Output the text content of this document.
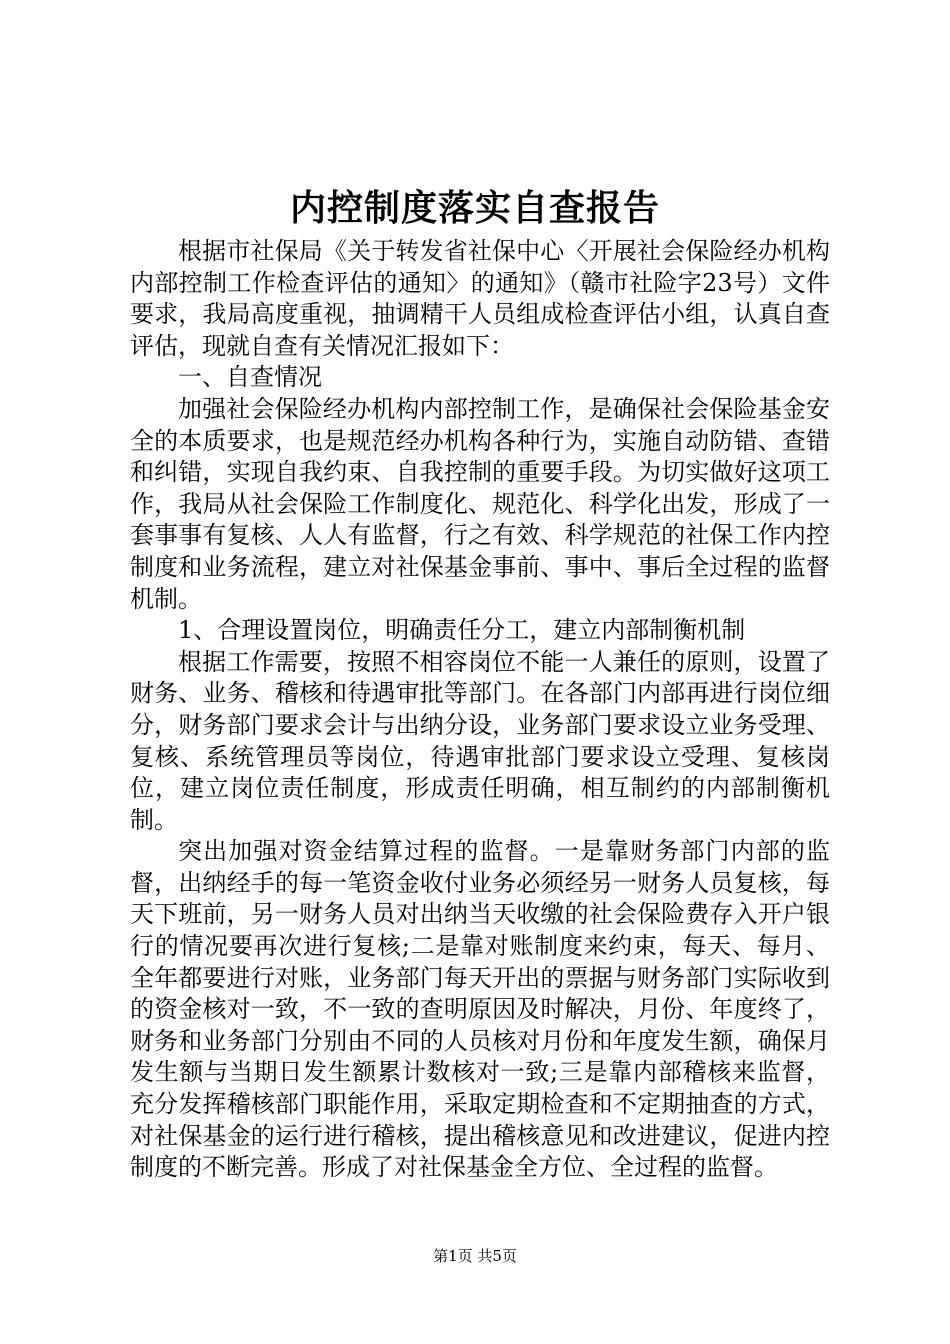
内控制度落实自查报告

根据市社保局《关于转发省社保中心〈开展社会保险经办机构内部控制工作检查评估的通知〉的通知》（赣市社险字23号）文件要求，我局高度重视，抽调精干人员组成检查评估小组，认真自查评估，现就自查有关情况汇报如下：

一、自查情况

加强社会保险经办机构内部控制工作，是确保社会保险基金安全的本质要求，也是规范经办机构各种行为，实施自动防错、查错和纠错，实现自我约束、自我控制的重要手段。为切实做好这项工作，我局从社会保险工作制度化、规范化、科学化出发，形成了一套事事有复核、人人有监督，行之有效、科学规范的社保工作内控制度和业务流程，建立对社保基金事前、事中、事后全过程的监督机制。

1、合理设置岗位，明确责任分工，建立内部制衡机制

根据工作需要，按照不相容岗位不能一人兼任的原则，设置了财务、业务、稽核和待遇审批等部门。在各部门内部再进行岗位细分，财务部门要求会计与出纳分设，业务部门要求设立业务受理、复核、系统管理员等岗位，待遇审批部门要求设立受理、复核岗位，建立岗位责任制度，形成责任明确，相互制约的内部制衡机制。

突出加强对资金结算过程的监督。一是靠财务部门内部的监督，出纳经手的每一笔资金收付业务必须经另一财务人员复核，每天下班前，另一财务人员对出纳当天收缴的社会保险费存入开户银行的情况要再次进行复核;二是靠对账制度来约束，每天、每月、全年都要进行对账，业务部门每天开出的票据与财务部门实际收到的资金核对一致，不一致的查明原因及时解决，月份、年度终了，财务和业务部门分别由不同的人员核对月份和年度发生额，确保月发生额与当期日发生额累计数核对一致;三是靠内部稽核来监督，充分发挥稽核部门职能作用，采取定期检查和不定期抽查的方式，对社保基金的运行进行稽核，提出稽核意见和改进建议，促进内控制度的不断完善。形成了对社保基金全方位、全过程的监督。

第1页 共5页
